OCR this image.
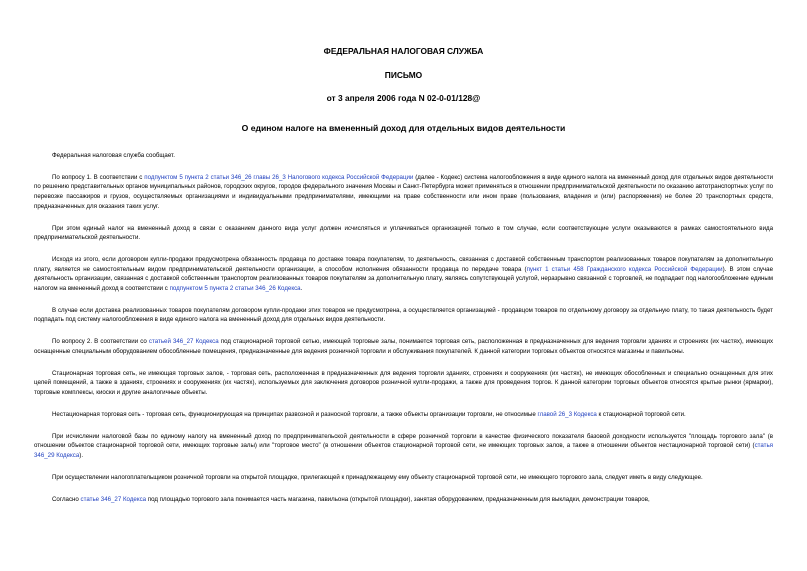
ФЕДЕРАЛЬНАЯ НАЛОГОВАЯ СЛУЖБА
ПИСЬМО
от 3 апреля 2006 года N 02-0-01/128@
О едином налоге на вмененный доход для отдельных видов деятельности

Федеральная налоговая служба сообщает.

По вопросу 1. В соответствии с подпунктом 5 пункта 2 статьи 346_26 главы 26_3 Налогового кодекса Российской Федерации (далее - Кодекс) система налогообложения в виде единого налога на вмененный доход для отдельных видов деятельности по решению представительных органов муниципальных районов, городских округов, городов федерального значения Москвы и Санкт-Петербурга может применяться в отношении предпринимательской деятельности по оказанию автотранспортных услуг по перевозке пассажиров и грузов, осуществляемых организациями и индивидуальными предпринимателями, имеющими на праве собственности или ином праве (пользования, владения и (или) распоряжения) не более 20 транспортных средств, предназначенных для оказания таких услуг.

При этом единый налог на вмененный доход в связи с оказанием данного вида услуг должен исчисляться и уплачиваться организацией только в том случае, если соответствующие услуги оказываются в рамках самостоятельного вида предпринимательской деятельности.

Исходя из этого, если договором купли-продажи предусмотрена обязанность продавца по доставке товара покупателям, то деятельность, связанная с доставкой собственным транспортом реализованных товаров покупателям за дополнительную плату, является не самостоятельным видом предпринимательской деятельности организации, а способом исполнения обязанности продавца по передаче товара (пункт 1 статьи 458 Гражданского кодекса Российской Федерации). В этом случае деятельность организации, связанная с доставкой собственным транспортом реализованных товаров покупателям за дополнительную плату, являясь сопутствующей услугой, неразрывно связанной с торговлей, не подпадает под налогообложение единым налогом на вмененный доход в соответствии с подпунктом 5 пункта 2 статьи 346_26 Кодекса.

В случае если доставка реализованных товаров покупателям договором купли-продажи этих товаров не предусмотрена, а осуществляется организацией - продавцом товаров по отдельному договору за отдельную плату, то такая деятельность будет подпадать под систему налогообложения в виде единого налога на вмененный доход для отдельных видов деятельности.

По вопросу 2. В соответствии со статьей 346_27 Кодекса под стационарной торговой сетью, имеющей торговые залы, понимается торговая сеть, расположенная в предназначенных для ведения торговли зданиях и строениях (их частях), имеющих оснащенные специальным оборудованием обособленные помещения, предназначенные для ведения розничной торговли и обслуживания покупателей. К данной категории торговых объектов относятся магазины и павильоны.

Стационарная торговая сеть, не имеющая торговых залов, - торговая сеть, расположенная в предназначенных для ведения торговли зданиях, строениях и сооружениях (их частях), не имеющих обособленных и специально оснащенных для этих целей помещений, а также в зданиях, строениях и сооружениях (их частях), используемых для заключения договоров розничной купли-продажи, а также для проведения торгов. К данной категории торговых объектов относятся крытые рынки (ярмарки), торговые комплексы, киоски и другие аналогичные объекты.

Нестационарная торговая сеть - торговая сеть, функционирующая на принципах развозной и разносной торговли, а также объекты организации торговли, не относимые главой 26_3 Кодекса к стационарной торговой сети.

При исчислении налоговой базы по единому налогу на вмененный доход по предпринимательской деятельности в сфере розничной торговли в качестве физического показателя базовой доходности используется "площадь торгового зала" (в отношении объектов стационарной торговой сети, имеющих торговые залы) или "торговое место" (в отношении объектов стационарной торговой сети, не имеющих торговых залов, а также в отношении объектов нестационарной торговой сети) (статья 346_29 Кодекса).

При осуществлении налогоплательщиком розничной торговли на открытой площадке, прилегающей к принадлежащему ему объекту стационарной торговой сети, не имеющего торгового зала, следует иметь в виду следующее.

Согласно статье 346_27 Кодекса под площадью торгового зала понимается часть магазина, павильона (открытой площадки), занятая оборудованием, предназначенным для выкладки, демонстрации товаров,
